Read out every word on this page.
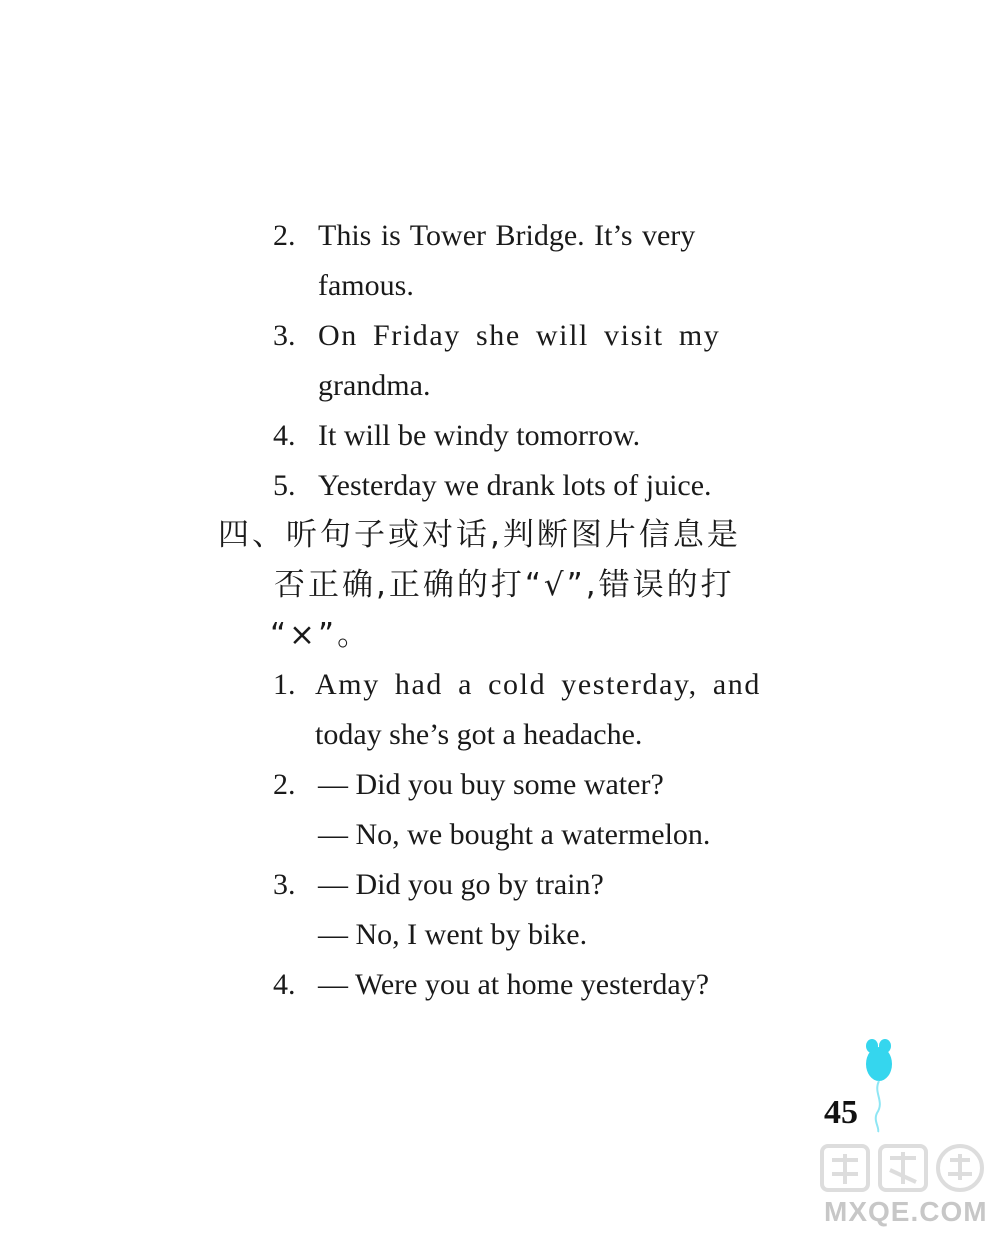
2. This is Tower Bridge. It’s very
famous.
3. On Friday she will visit my
grandma.
4. It will be windy tomorrow.
5. Yesterday we drank lots of juice.
四、听句子或对话,判断图片信息是
否正确,正确的打“√”,错误的打
“×”。
1. Amy had a cold yesterday, and
today she’s got a headache.
2. — Did you buy some water?
— No, we bought a watermelon.
3. — Did you go by train?
— No, I went by bike.
4. — Were you at home yesterday?
45
MXQE.COM
